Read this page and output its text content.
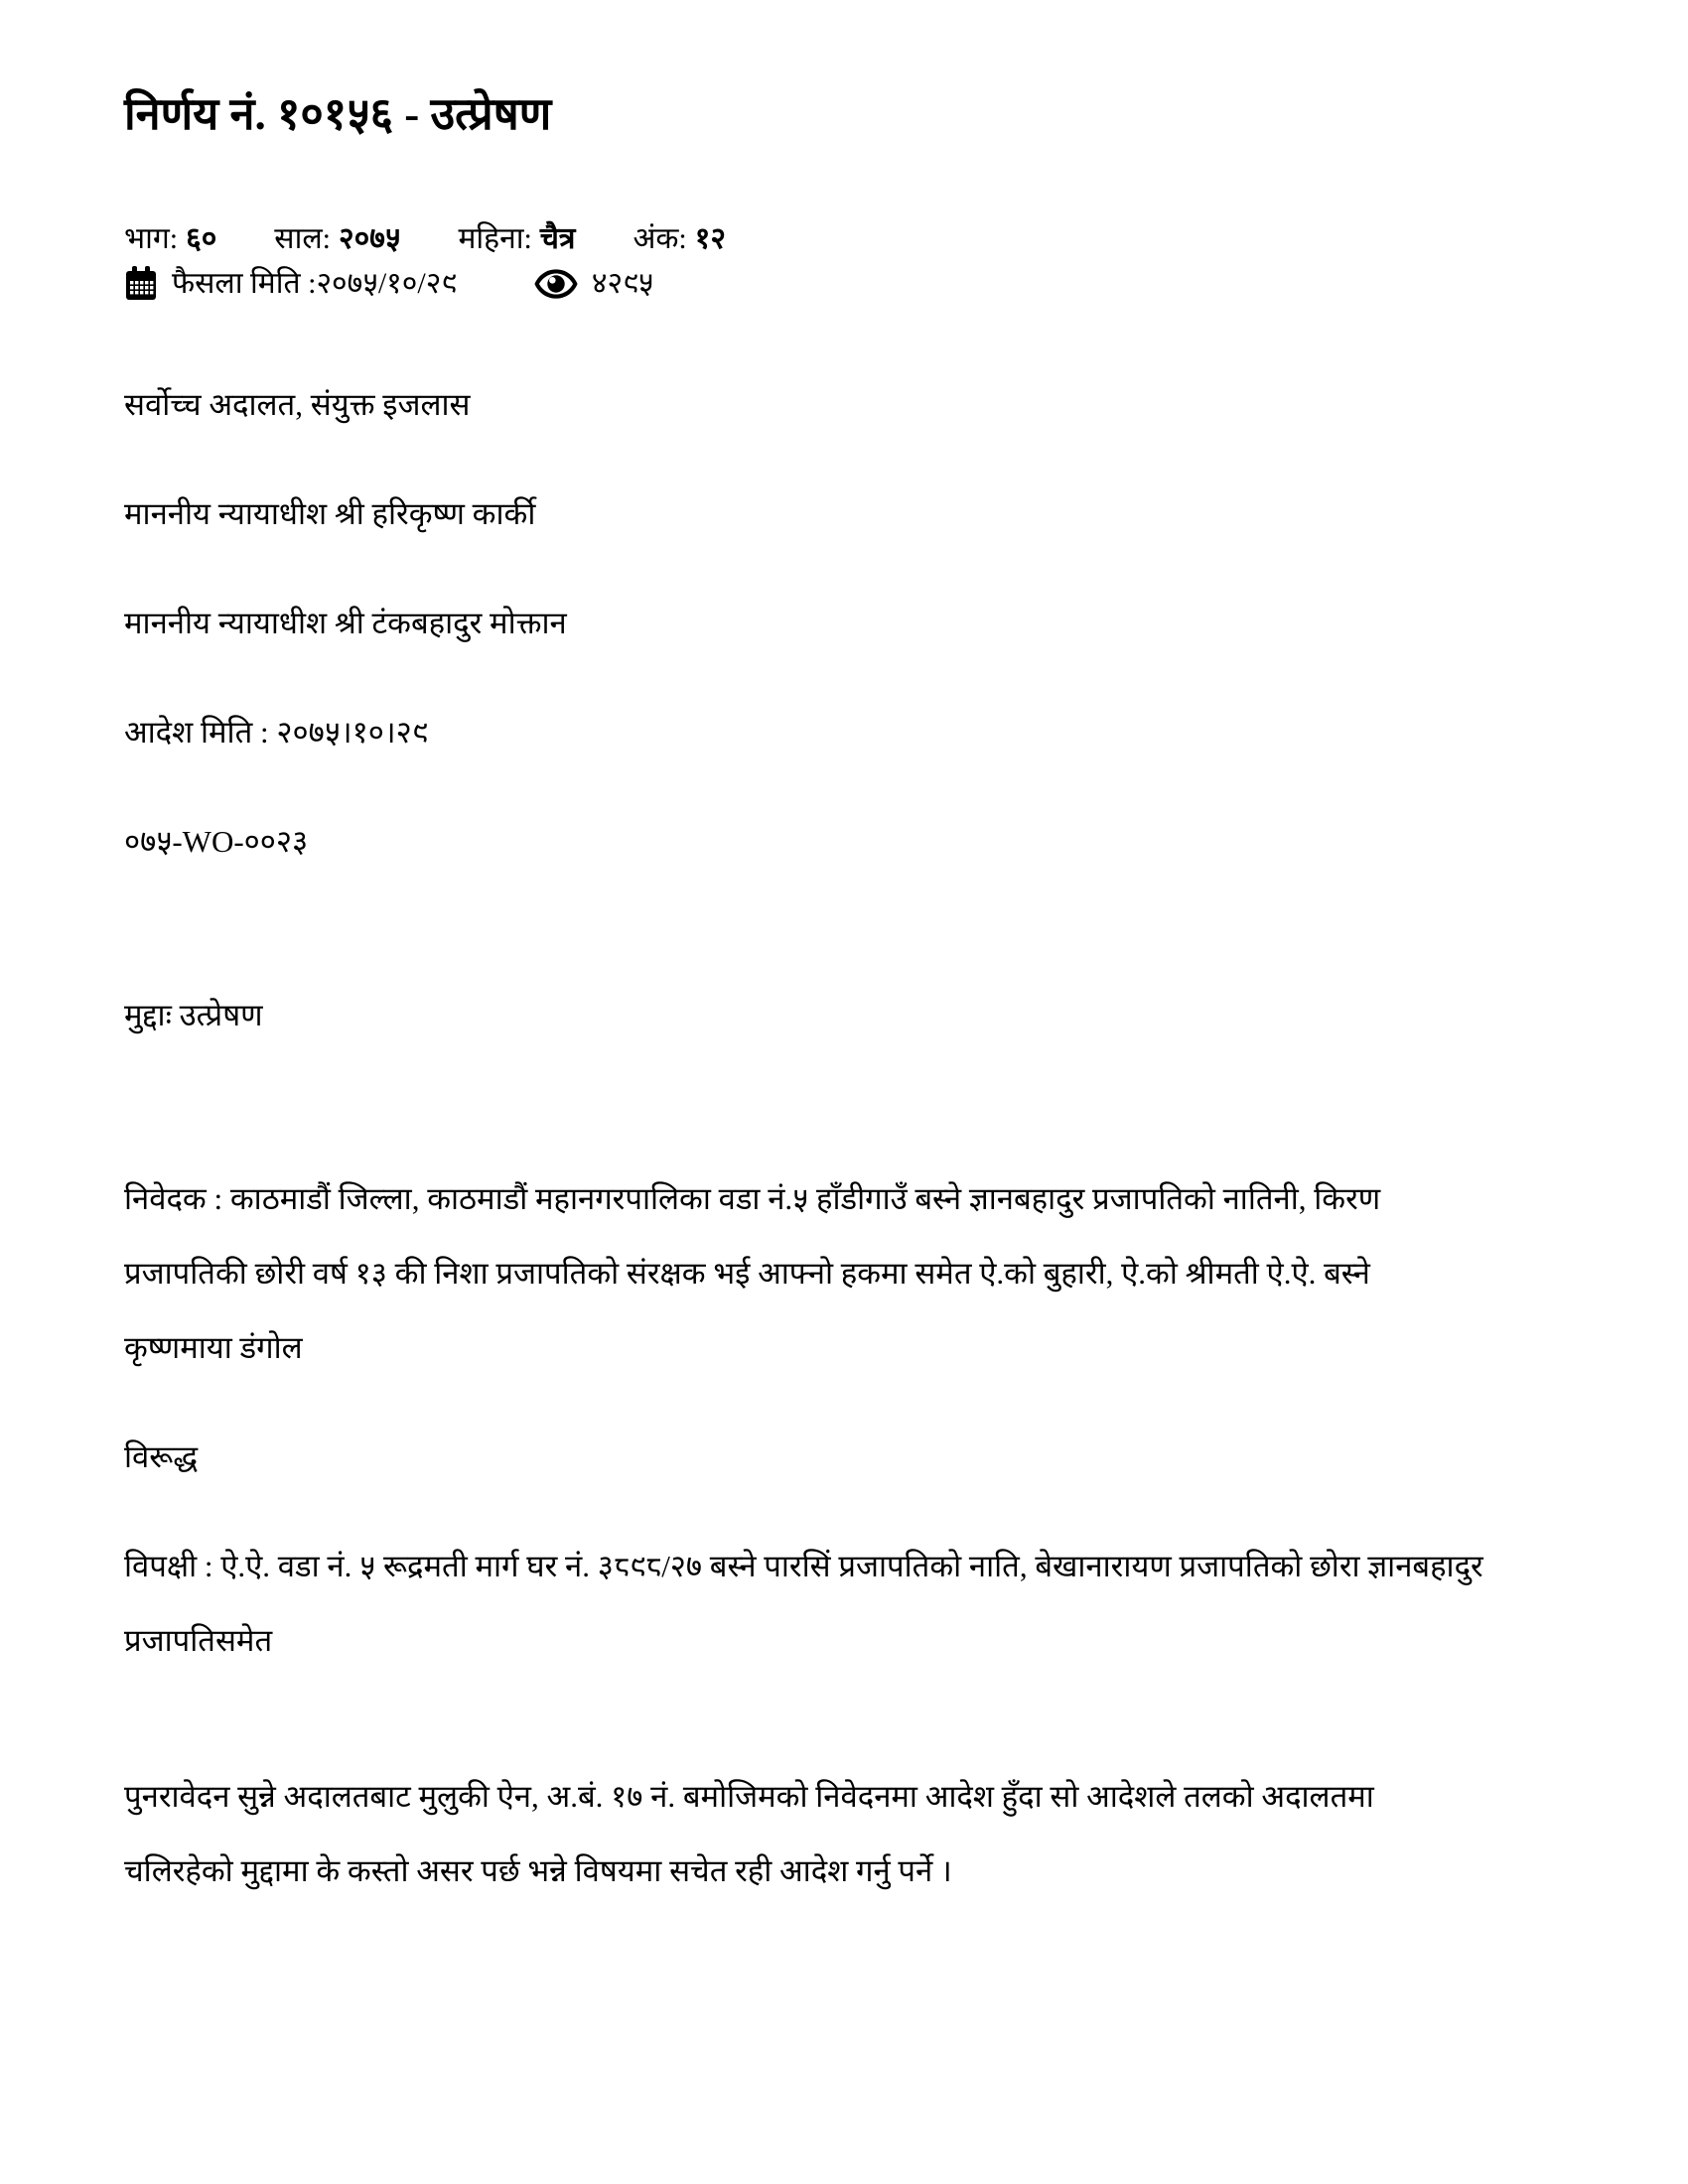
निर्णय नं. १०१५६ - उत्प्रेषण
भाग: ६० साल: २०७५ महिना: चैत्र अंक: १२
फैसला मिति : २०७५/१०/२९	४२९५

सर्वोच्च अदालत, संयुक्त इजलास

माननीय न्यायाधीश श्री हरिकृष्ण कार्की

माननीय न्यायाधीश श्री टंकबहादुर मोक्तान

आदेश मिति : २०७५।१०।२९

०७५-WO-००२३

मुद्दाः उत्प्रेषण

निवेदक : काठमाडौं जिल्ला, काठमाडौं महानगरपालिका वडा नं.५ हाँडीगाउँ बस्ने ज्ञानबहादुर प्रजापतिको नातिनी, किरण प्रजापतिकी छोरी वर्ष १३ की निशा प्रजापतिको संरक्षक भई आफ्नो हकमा समेत ऐ.को बुहारी, ऐ.को श्रीमती ऐ.ऐ. बस्ने कृष्णमाया डंगोल

विरूद्ध

विपक्षी : ऐ.ऐ. वडा नं. ५ रूद्रमती मार्ग घर नं. ३८९८/२७ बस्ने पारसिं प्रजापतिको नाति, बेखानारायण प्रजापतिको छोरा ज्ञानबहादुर प्रजापतिसमेत

पुनरावेदन सुन्ने अदालतबाट मुलुकी ऐन, अ.बं. १७ नं. बमोजिमको निवेदनमा आदेश हुँदा सो आदेशले तलको अदालतमा चलिरहेको मुद्दामा के कस्तो असर पर्छ भन्ने विषयमा सचेत रही आदेश गर्नु पर्ने ।
